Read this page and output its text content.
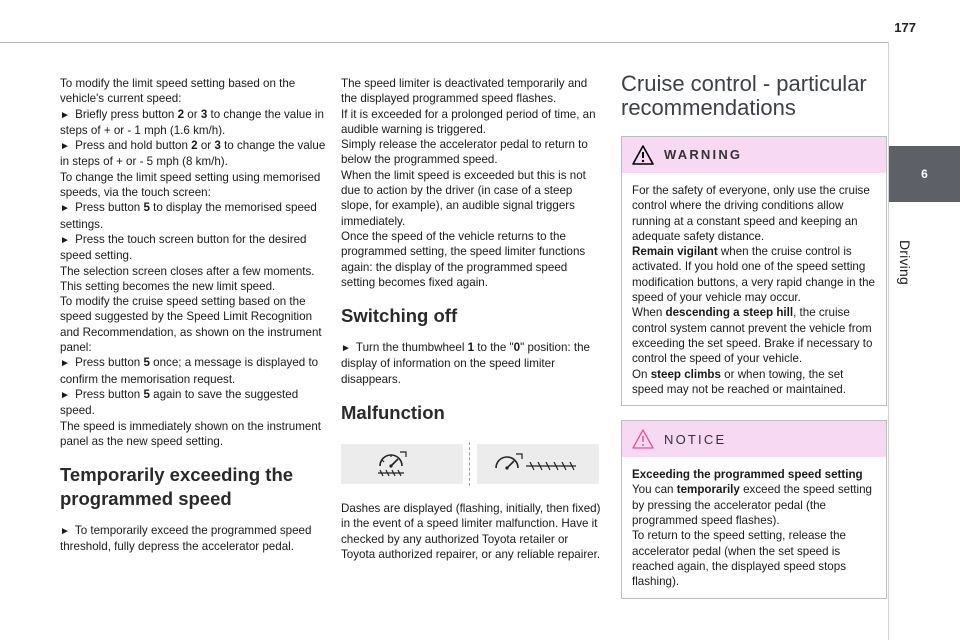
177
6
Driving

To modify the limit speed setting based on the vehicle's current speed:

► Briefly press button 2 or 3 to change the value in steps of + or - 1 mph (1.6 km/h).

► Press and hold button 2 or 3 to change the value in steps of + or - 5 mph (8 km/h).

To change the limit speed setting using memorised speeds, via the touch screen:

► Press button 5 to display the memorised speed settings.

► Press the touch screen button for the desired speed setting.

The selection screen closes after a few moments.

This setting becomes the new limit speed.

To modify the cruise speed setting based on the speed suggested by the Speed Limit Recognition and Recommendation, as shown on the instrument panel:

► Press button 5 once; a message is displayed to confirm the memorisation request.

► Press button 5 again to save the suggested speed.

The speed is immediately shown on the instrument panel as the new speed setting.

Temporarily exceeding the programmed speed

► To temporarily exceed the programmed speed threshold, fully depress the accelerator pedal.

The speed limiter is deactivated temporarily and the displayed programmed speed flashes.

If it is exceeded for a prolonged period of time, an audible warning is triggered.

Simply release the accelerator pedal to return to below the programmed speed.

When the limit speed is exceeded but this is not due to action by the driver (in case of a steep slope, for example), an audible signal triggers immediately.

Once the speed of the vehicle returns to the programmed setting, the speed limiter functions again: the display of the programmed speed setting becomes fixed again.

Switching off

► Turn the thumbwheel 1 to the "0" position: the display of information on the speed limiter disappears.

Malfunction

Dashes are displayed (flashing, initially, then fixed) in the event of a speed limiter malfunction. Have it checked by any authorized Toyota retailer or Toyota authorized repairer, or any reliable repairer.

Cruise control - particular recommendations
WARNING

For the safety of everyone, only use the cruise control where the driving conditions allow running at a constant speed and keeping an adequate safety distance.

Remain vigilant when the cruise control is activated. If you hold one of the speed setting modification buttons, a very rapid change in the speed of your vehicle may occur.

When descending a steep hill, the cruise control system cannot prevent the vehicle from exceeding the set speed. Brake if necessary to control the speed of your vehicle.

On steep climbs or when towing, the set speed may not be reached or maintained.

NOTICE

Exceeding the programmed speed setting

You can temporarily exceed the speed setting by pressing the accelerator pedal (the programmed speed flashes).

To return to the speed setting, release the accelerator pedal (when the set speed is reached again, the displayed speed stops flashing).
